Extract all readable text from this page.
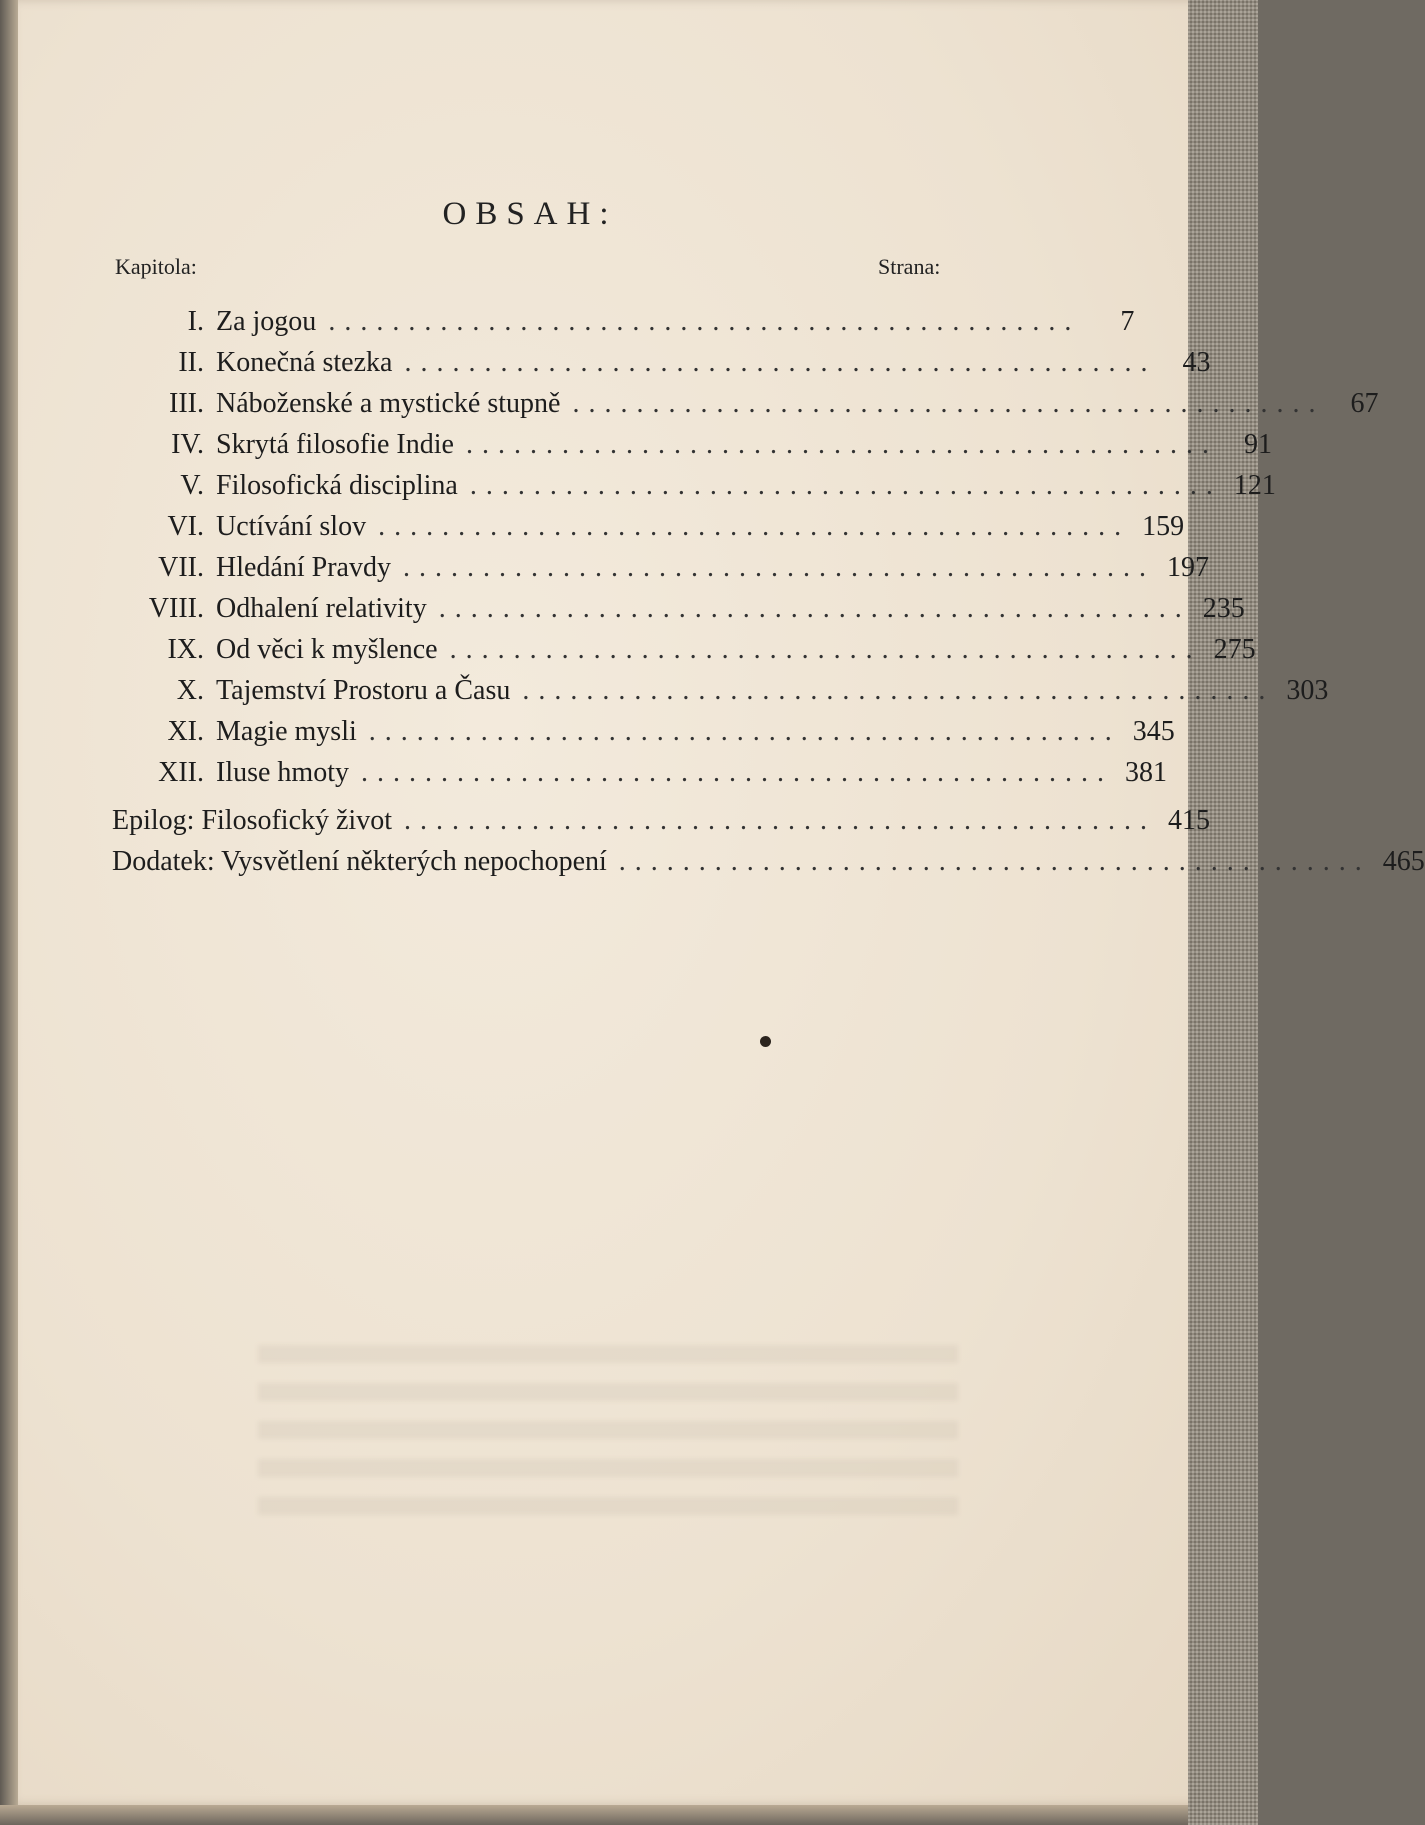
OBSAH:
Kapitola:	Strana:
I. Za jogou ...............................................	7
II. Konečná stezka ............................................... 43
III. Náboženské a mystické stupně ............................................... 67
IV. Skrytá filosofie Indie ............................................... 91
V. Filosofická disciplina ............................................... 121
VI. Uctívání slov ............................................... 159
VII. Hledání Pravdy ............................................... 197
VIII. Odhalení relativity ............................................... 235
IX. Od věci k myšlence ............................................... 275
X. Tajemství Prostoru a Času ............................................... 303
XI. Magie mysli ............................................... 345
XII. Iluse hmoty ............................................... 381
Epilog: Filosofický život ............................................... 415
Dodatek: Vysvětlení některých nepochopení ............................................... 465
